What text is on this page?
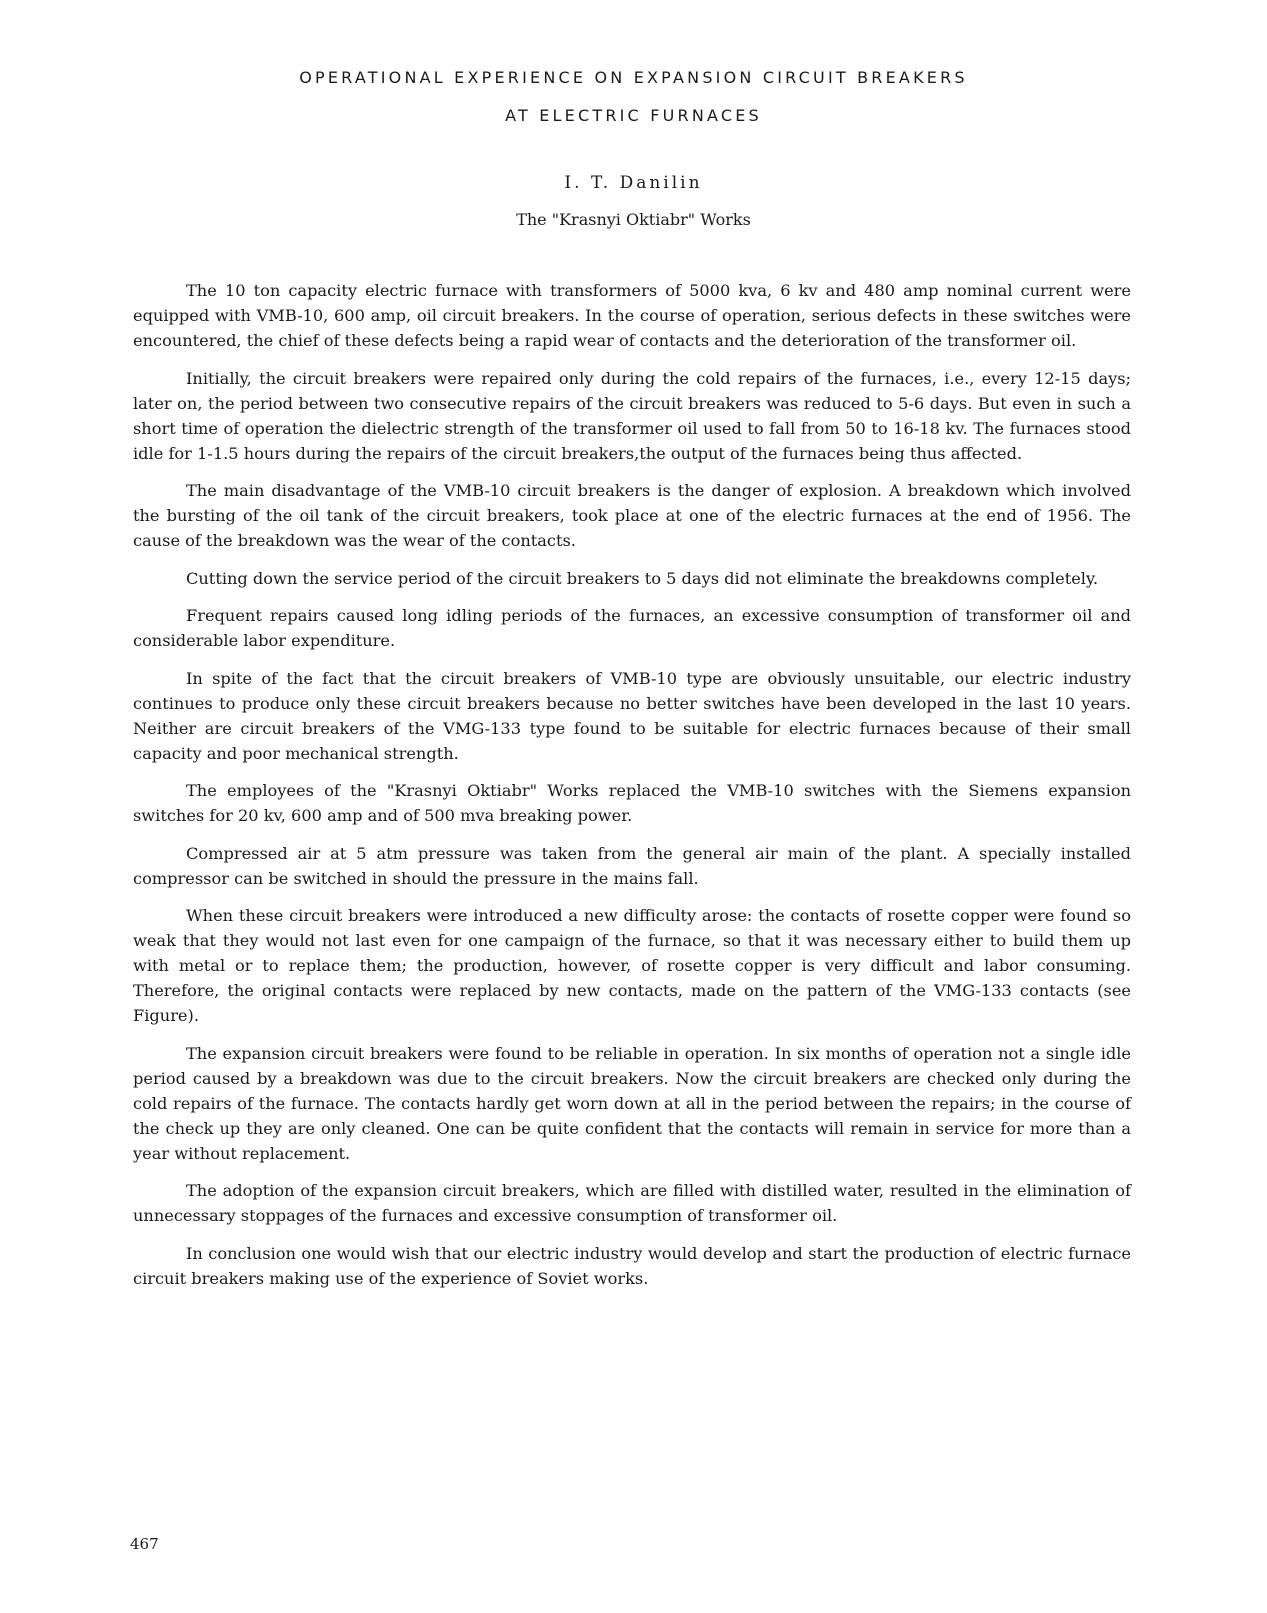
OPERATIONAL EXPERIENCE ON EXPANSION CIRCUIT BREAKERS
AT ELECTRIC FURNACES
I. T. Danilin
The "Krasnyi Oktiabr" Works

The 10 ton capacity electric furnace with transformers of 5000 kva, 6 kv and 480 amp nominal current were equipped with VMB-10, 600 amp, oil circuit breakers. In the course of operation, serious defects in these switches were encountered, the chief of these defects being a rapid wear of contacts and the deterioration of the transformer oil.

Initially, the circuit breakers were repaired only during the cold repairs of the furnaces, i.e., every 12-15 days; later on, the period between two consecutive repairs of the circuit breakers was reduced to 5-6 days. But even in such a short time of operation the dielectric strength of the transformer oil used to fall from 50 to 16-18 kv. The furnaces stood idle for 1-1.5 hours during the repairs of the circuit breakers,the output of the furnaces being thus affected.

The main disadvantage of the VMB-10 circuit breakers is the danger of explosion. A breakdown which involved the bursting of the oil tank of the circuit breakers, took place at one of the electric furnaces at the end of 1956. The cause of the breakdown was the wear of the contacts.

Cutting down the service period of the circuit breakers to 5 days did not eliminate the breakdowns completely.

Frequent repairs caused long idling periods of the furnaces, an excessive consumption of transformer oil and considerable labor expenditure.

In spite of the fact that the circuit breakers of VMB-10 type are obviously unsuitable, our electric industry continues to produce only these circuit breakers because no better switches have been developed in the last 10 years. Neither are circuit breakers of the VMG-133 type found to be suitable for electric furnaces because of their small capacity and poor mechanical strength.

The employees of the "Krasnyi Oktiabr" Works replaced the VMB-10 switches with the Siemens expansion switches for 20 kv, 600 amp and of 500 mva breaking power.

Compressed air at 5 atm pressure was taken from the general air main of the plant. A specially installed compressor can be switched in should the pressure in the mains fall.

When these circuit breakers were introduced a new difficulty arose: the contacts of rosette copper were found so weak that they would not last even for one campaign of the furnace, so that it was necessary either to build them up with metal or to replace them; the production, however, of rosette copper is very difficult and labor consuming. Therefore, the original contacts were replaced by new contacts, made on the pattern of the VMG-133 contacts (see Figure).

The expansion circuit breakers were found to be reliable in operation. In six months of operation not a single idle period caused by a breakdown was due to the circuit breakers. Now the circuit breakers are checked only during the cold repairs of the furnace. The contacts hardly get worn down at all in the period between the repairs; in the course of the check up they are only cleaned. One can be quite confident that the contacts will remain in service for more than a year without replacement.

The adoption of the expansion circuit breakers, which are filled with distilled water, resulted in the elimination of unnecessary stoppages of the furnaces and excessive consumption of transformer oil.

In conclusion one would wish that our electric industry would develop and start the production of electric furnace circuit breakers making use of the experience of Soviet works.

467
